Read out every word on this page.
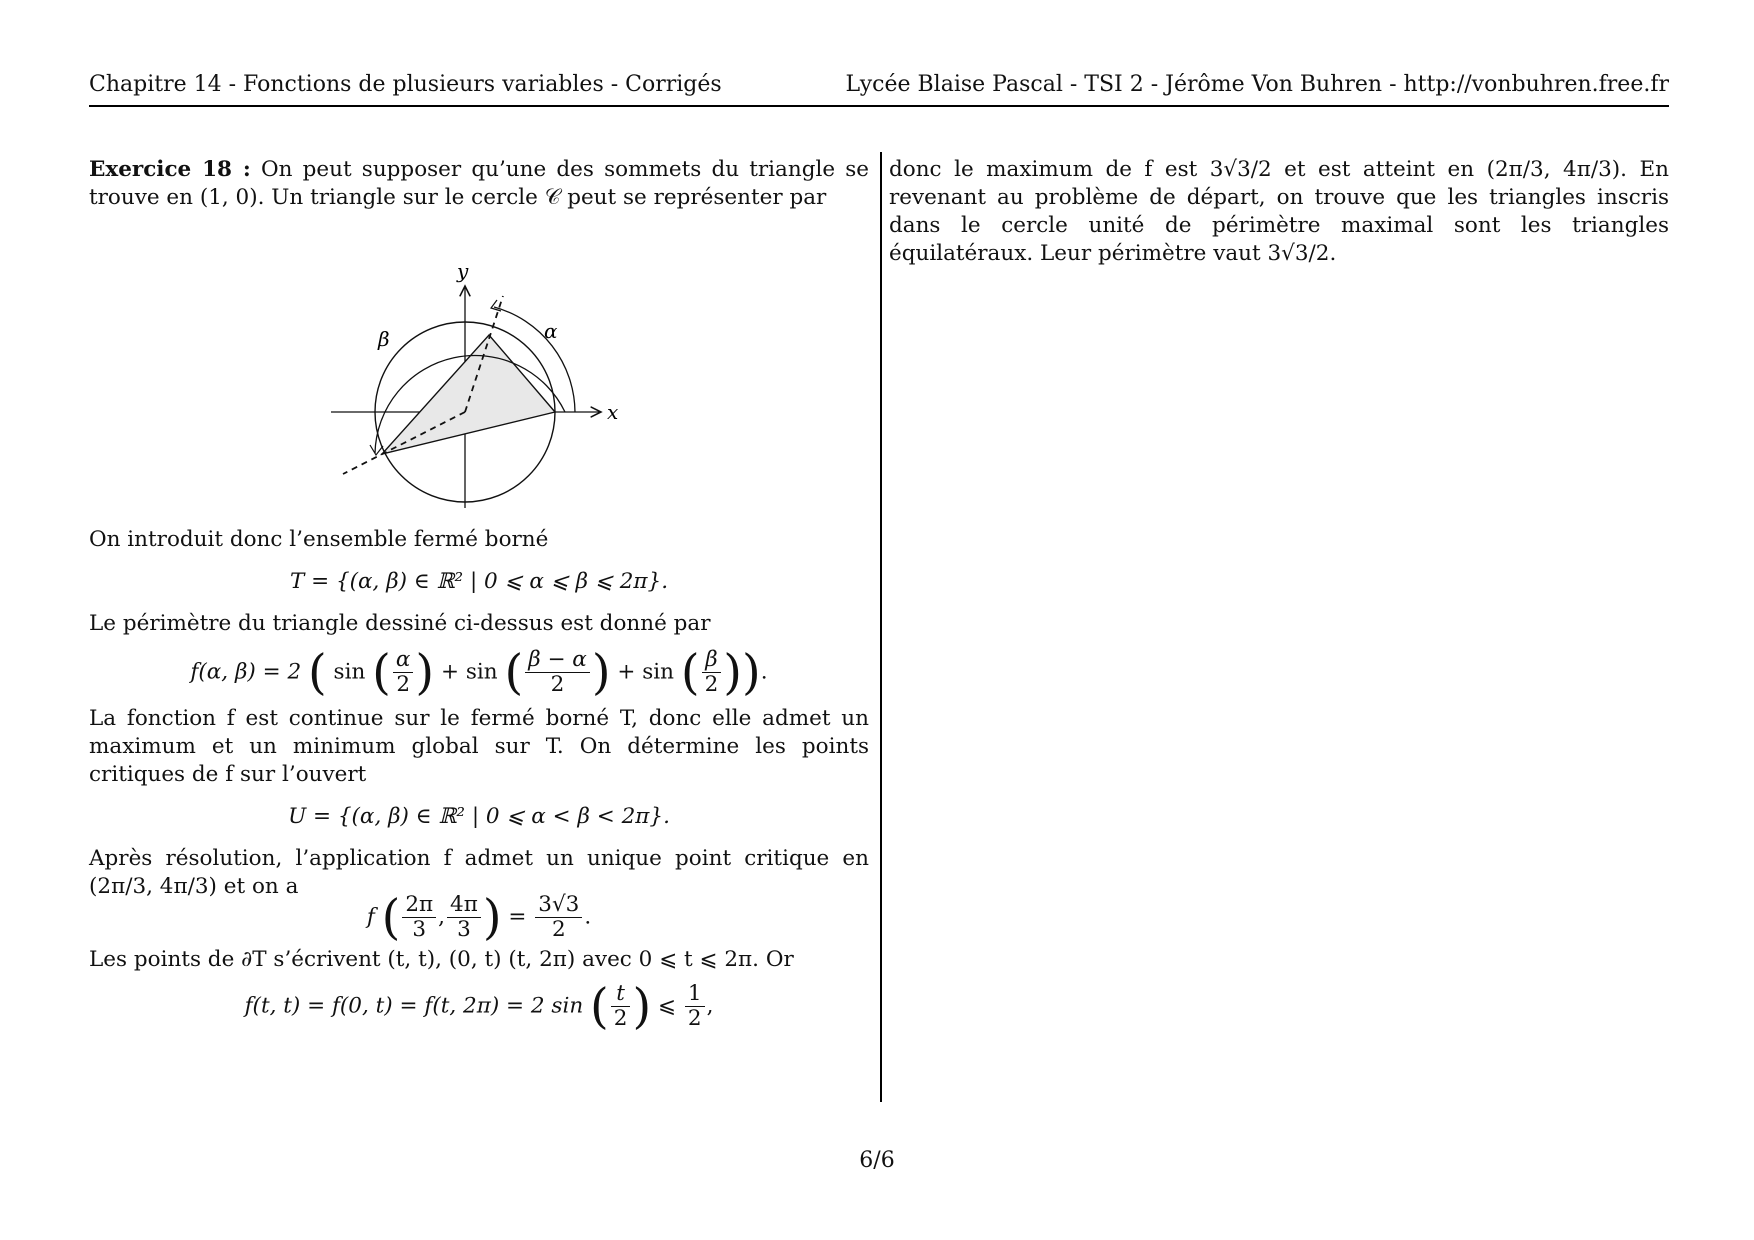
Chapitre 14 - Fonctions de plusieurs variables - Corrigés	Lycée Blaise Pascal - TSI 2 - Jérôme Von Buhren - http://vonbuhren.free.fr

Exercice 18 : On peut supposer qu’une des sommets du triangle se trouve en (1, 0). Un triangle sur le cercle 𝒞 peut se représenter par

y
x
α
β

On introduit donc l’ensemble fermé borné

T = {(α, β) ∈ ℝ² | 0 ⩽ α ⩽ β ⩽ 2π}.

Le périmètre du triangle dessiné ci-dessus est donné par

f(α, β) = 2 ( sin ( $\frac{\alpha}{2}$ ) + sin ( $\frac{\beta - \alpha}{2}$ ) + sin ( $\frac{\beta}{2}$ )).

La fonction f est continue sur le fermé borné T, donc elle admet un maximum et un minimum global sur T. On détermine les points critiques de f sur l’ouvert

U = {(α, β) ∈ ℝ² | 0 ⩽ α < β < 2π}.

Après résolution, l’application f admet un unique point critique en (2π/3, 4π/3) et on a

f ( $\frac{2\pi}{3}$ , $\frac{4\pi}{3}$ ) = $\frac{3√3}{2}$ .

Les points de ∂T s’écrivent (t, t), (0, t) (t, 2π) avec 0 ⩽ t ⩽ 2π. Or

f(t, t) = f(0, t) = f(t, 2π) = 2 sin ( $\frac{t}{2}$ ) ⩽ $\frac{1}{2}$ ,

donc le maximum de f est 3√3/2 et est atteint en (2π/3, 4π/3). En revenant au problème de départ, on trouve que les triangles inscris dans le cercle unité de périmètre maximal sont les triangles équilatéraux. Leur périmètre vaut 3√3/2.

6/6
